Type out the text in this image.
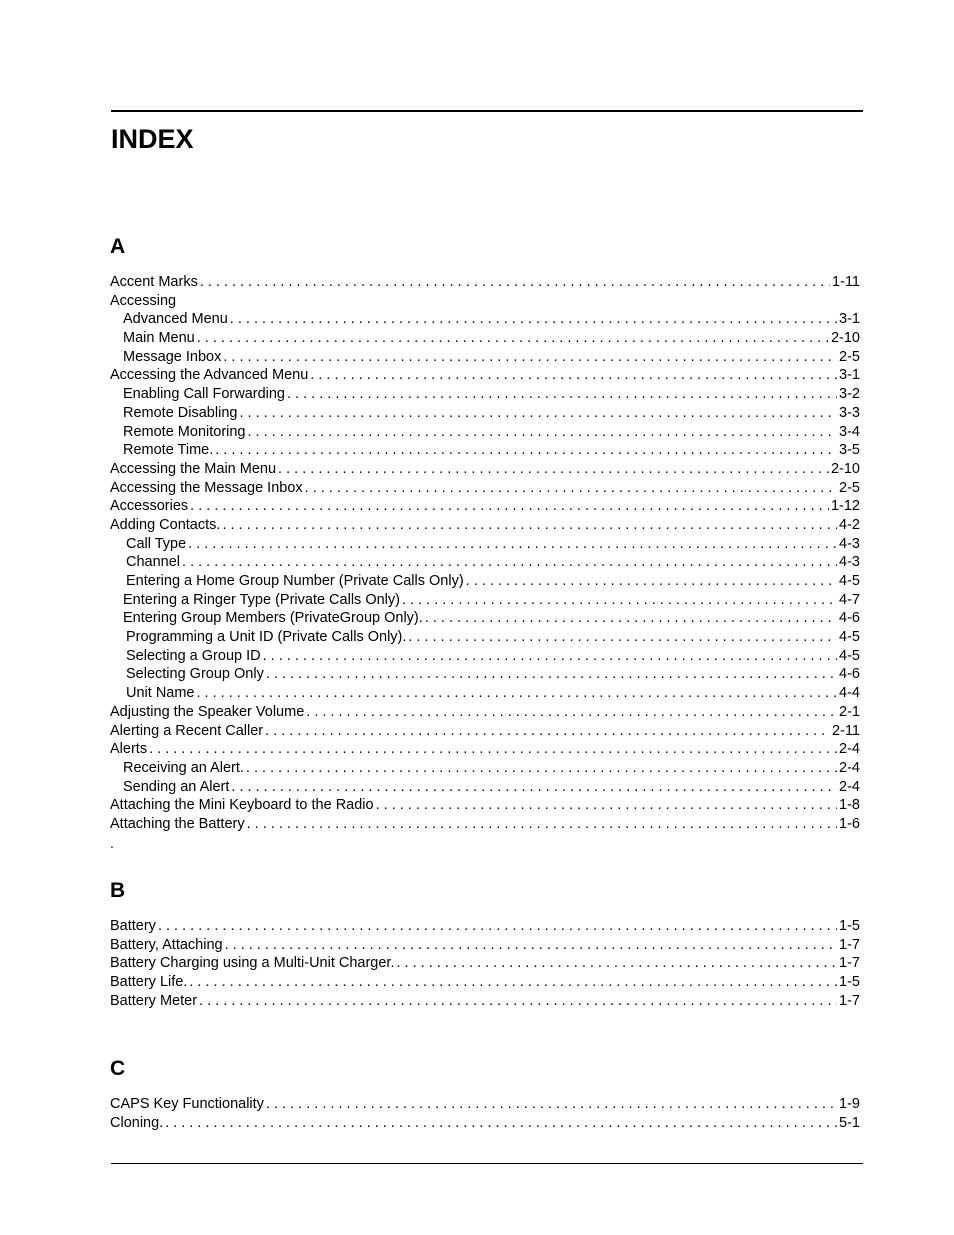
INDEX
A
Accent Marks . . .	1-11
Accessing
Advanced Menu . . .	3-1
Main Menu . . .	2-10
Message Inbox . . .	2-5
Accessing the Advanced Menu . . .	3-1
Enabling Call Forwarding . . .	3-2
Remote Disabling . . .	3-3
Remote Monitoring . . .	3-4
Remote Time. . . .	3-5
Accessing the Main Menu . . .	2-10
Accessing the Message Inbox . . .	2-5
Accessories . . .	1-12
Adding Contacts. . . .	4-2
Call Type . . .	4-3
Channel . . .	4-3
Entering a Home Group Number (Private Calls Only) . . .	4-5
Entering a Ringer Type (Private Calls Only) . . .	4-7
Entering Group Members (PrivateGroup Only). . . .	4-6
Programming a Unit ID (Private Calls Only). . . .	4-5
Selecting a Group ID . . .	4-5
Selecting Group Only . . .	4-6
Unit Name . . .	4-4
Adjusting the Speaker Volume . . .	2-1
Alerting a Recent Caller . . .	2-11
Alerts . . .	2-4
Receiving an Alert. . . .	2-4
Sending an Alert . . .	2-4
Attaching the Mini Keyboard to the Radio . . .	1-8
Attaching the Battery . . .	1-6
.
B
Battery . . .	1-5
Battery, Attaching . . .	1-7
Battery Charging using a Multi-Unit Charger. . . .	1-7
Battery Life. . . .	1-5
Battery Meter . . .	1-7
C
CAPS Key Functionality . . .	1-9
Cloning. . . .	5-1
